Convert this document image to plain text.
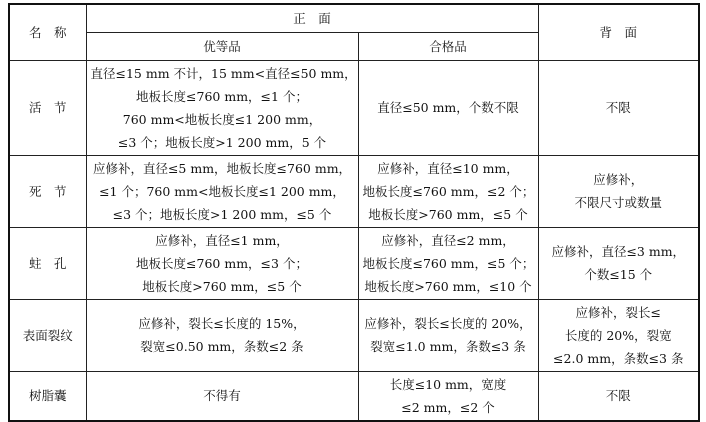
名　称	正　面		背　面
	优等品	合格品	
活　节	直径≤15 mm 不计，15 mm<直径≤50 mm，
地板长度≤760 mm，≤1 个；
760 mm<地板长度≤1 200 mm，
≤3 个；地板长度>1 200 mm，5 个	直径≤50 mm，个数不限	不限

死　节	应修补，直径≤5 mm，地板长度≤760 mm，
≤1 个；760 mm<地板长度≤1 200 mm，
≤3 个；地板长度>1 200 mm，≤5 个	应修补，直径≤10 mm，
地板长度≤760 mm，≤2 个；
地板长度>760 mm，≤5 个	应修补，
不限尺寸或数量

蛀　孔	应修补，直径≤1 mm，
地板长度≤760 mm，≤3 个；
地板长度>760 mm，≤5 个	应修补，直径≤2 mm，
地板长度≤760 mm，≤5 个；
地板长度>760 mm，≤10 个	应修补，直径≤3 mm，
个数≤15 个

表面裂纹	应修补，裂长≤长度的 15%，
裂宽≤0.50 mm，条数≤2 条	应修补，裂长≤长度的 20%，
裂宽≤1.0 mm，条数≤3 条	应修补，裂长≤
长度的 20%，裂宽
≤2.0 mm，条数≤3 条

树脂囊	不得有	长度≤10 mm，宽度
≤2 mm，≤2 个	不限
